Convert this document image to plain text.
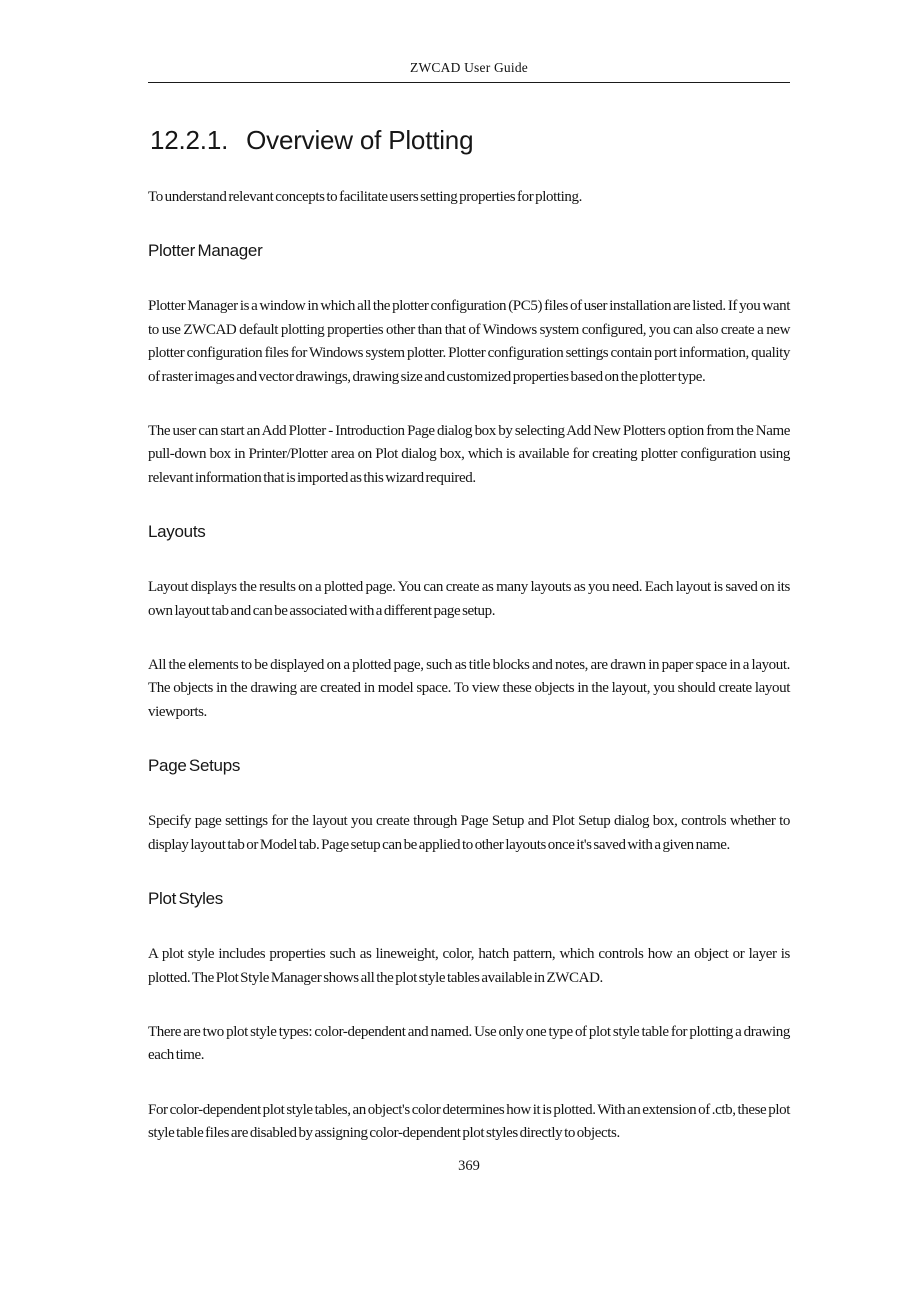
ZWCAD User Guide
12.2.1. Overview of Plotting

To understand relevant concepts to facilitate users setting properties for plotting.

Plotter Manager

Plotter Manager is a window in which all the plotter configuration (PC5) files of user installation are listed. If you want to use ZWCAD default plotting properties other than that of Windows system configured, you can also create a new plotter configuration files for Windows system plotter. Plotter configuration settings contain port information, quality of raster images and vector drawings, drawing size and customized properties based on the plotter type.

The user can start an Add Plotter - Introduction Page dialog box by selecting Add New Plotters option from the Name pull-down box in Printer/Plotter area on Plot dialog box, which is available for creating plotter configuration using relevant information that is imported as this wizard required.

Layouts

Layout displays the results on a plotted page. You can create as many layouts as you need. Each layout is saved on its own layout tab and can be associated with a different page setup.

All the elements to be displayed on a plotted page, such as title blocks and notes, are drawn in paper space in a layout. The objects in the drawing are created in model space. To view these objects in the layout, you should create layout viewports.

Page Setups

Specify page settings for the layout you create through Page Setup and Plot Setup dialog box, controls whether to display layout tab or Model tab. Page setup can be applied to other layouts once it's saved with a given name.

Plot Styles

A plot style includes properties such as lineweight, color, hatch pattern, which controls how an object or layer is plotted. The Plot Style Manager shows all the plot style tables available in ZWCAD.

There are two plot style types: color-dependent and named. Use only one type of plot style table for plotting a drawing each time.

For color-dependent plot style tables, an object's color determines how it is plotted. With an extension of .ctb, these plot style table files are disabled by assigning color-dependent plot styles directly to objects.

369
